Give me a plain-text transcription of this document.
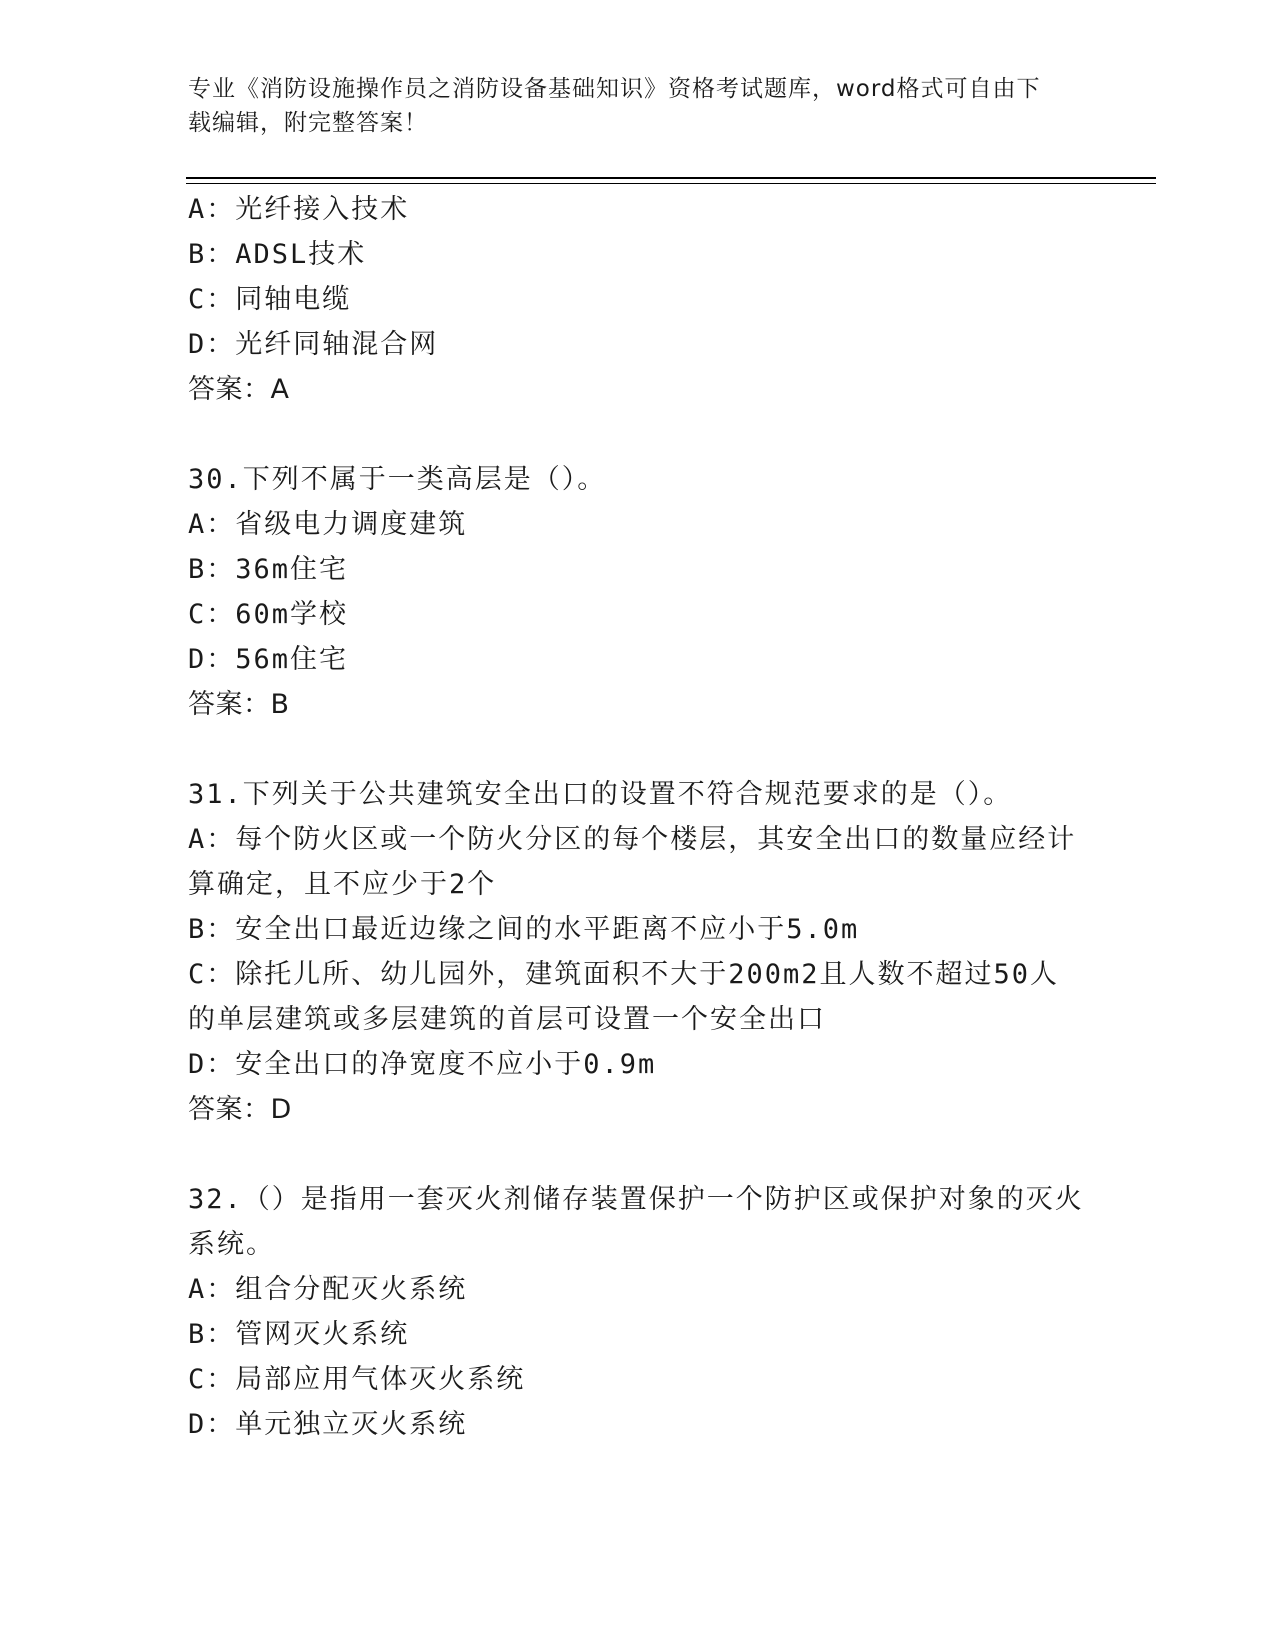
专业《消防设施操作员之消防设备基础知识》资格考试题库，word格式可自由下
载编辑，附完整答案！
A：光纤接入技术
B：ADSL技术
C：同轴电缆
D：光纤同轴混合网
答案：A
30.下列不属于一类高层是（）。
A：省级电力调度建筑
B：36m住宅
C：60m学校
D：56m住宅
答案：B
31.下列关于公共建筑安全出口的设置不符合规范要求的是（）。
A：每个防火区或一个防火分区的每个楼层，其安全出口的数量应经计
算确定，且不应少于2个
B：安全出口最近边缘之间的水平距离不应小于5.0m
C：除托儿所、幼儿园外，建筑面积不大于200m2且人数不超过50人
的单层建筑或多层建筑的首层可设置一个安全出口
D：安全出口的净宽度不应小于0.9m
答案：D
32.（）是指用一套灭火剂储存装置保护一个防护区或保护对象的灭火
系统。
A：组合分配灭火系统
B：管网灭火系统
C：局部应用气体灭火系统
D：单元独立灭火系统
